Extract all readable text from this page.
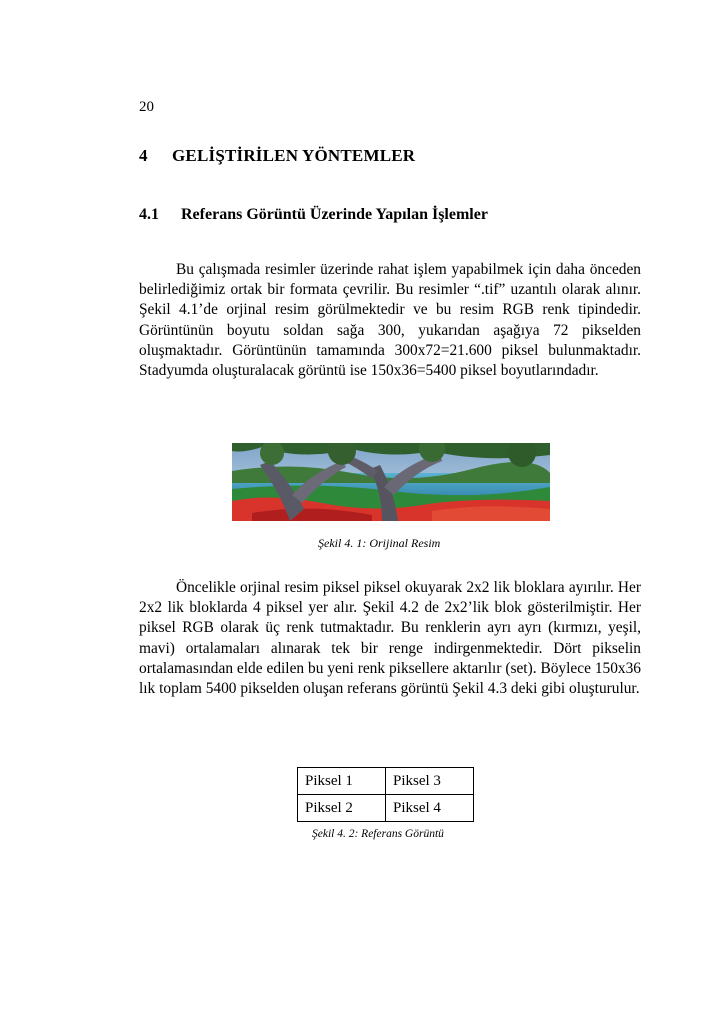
20
4 GELİŞTİRİLEN YÖNTEMLER
4.1 Referans Görüntü Üzerinde Yapılan İşlemler

Bu çalışmada resimler üzerinde rahat işlem yapabilmek için daha önceden belirlediğimiz ortak bir formata çevrilir. Bu resimler “.tif” uzantılı olarak alınır. Şekil 4.1’de orjinal resim görülmektedir ve bu resim RGB renk tipindedir. Görüntünün boyutu soldan sağa 300, yukarıdan aşağıya 72 pikselden oluşmaktadır. Görüntünün tamamında 300x72=21.600 piksel bulunmaktadır. Stadyumda oluşturalacak görüntü ise 150x36=5400 piksel boyutlarındadır.

Şekil 4. 1: Orijinal Resim

Öncelikle orjinal resim piksel piksel okuyarak 2x2 lik bloklara ayırılır. Her 2x2 lik bloklarda 4 piksel yer alır. Şekil 4.2 de 2x2’lik blok gösterilmiştir. Her piksel RGB olarak üç renk tutmaktadır. Bu renklerin ayrı ayrı (kırmızı, yeşil, mavi) ortalamaları alınarak tek bir renge indirgenmektedir. Dört pikselin ortalamasından elde edilen bu yeni renk piksellere aktarılır (set). Böylece 150x36 lık toplam 5400 pikselden oluşan referans görüntü Şekil 4.3 deki gibi oluşturulur.

Piksel 1	Piksel 3
Piksel 2	Piksel 4
Şekil 4. 2: Referans Görüntü
